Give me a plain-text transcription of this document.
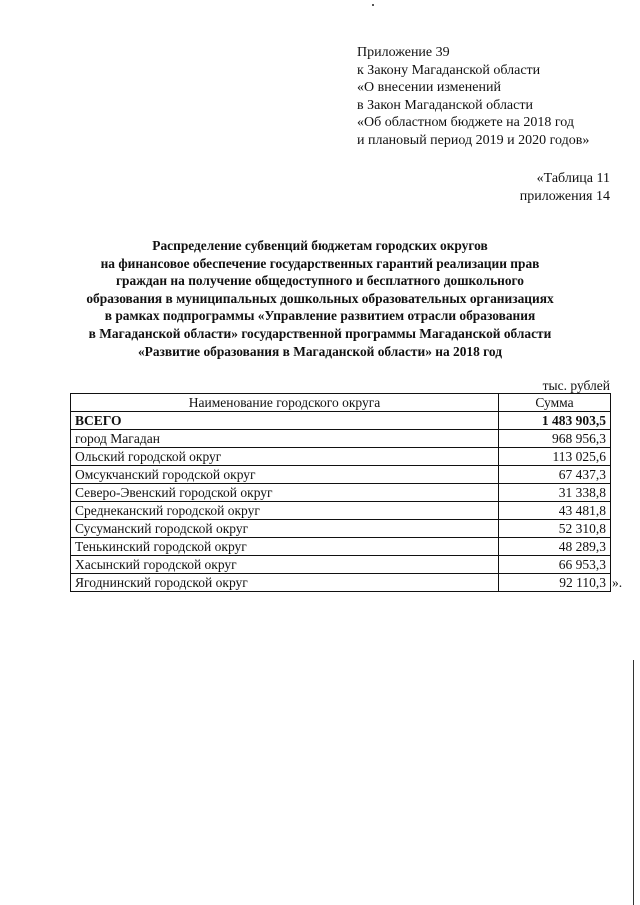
Приложение 39
к Закону Магаданской области
«О внесении изменений
в Закон Магаданской области
«Об областном бюджете на 2018 год
и плановый период 2019 и 2020 годов»
«Таблица 11
приложения 14
Распределение субвенций бюджетам городских округов
на финансовое обеспечение государственных гарантий реализации прав
граждан на получение общедоступного и бесплатного дошкольного
образования в муниципальных дошкольных образовательных организациях
в рамках подпрограммы «Управление развитием отрасли образования
в Магаданской области» государственной программы Магаданской области
«Развитие образования в Магаданской области» на 2018 год
тыс. рублей
Наименование городского округа	Сумма
ВСЕГО	1 483 903,5
город Магадан	968 956,3
Ольский городской округ	113 025,6
Омсукчанский городской округ	67 437,3
Северо-Эвенский городской округ	31 338,8
Среднеканский городской округ	43 481,8
Сусуманский городской округ	52 310,8
Тенькинский городской округ	48 289,3
Хасынский городской округ	66 953,3
Ягоднинский городской округ	92 110,3 ».
